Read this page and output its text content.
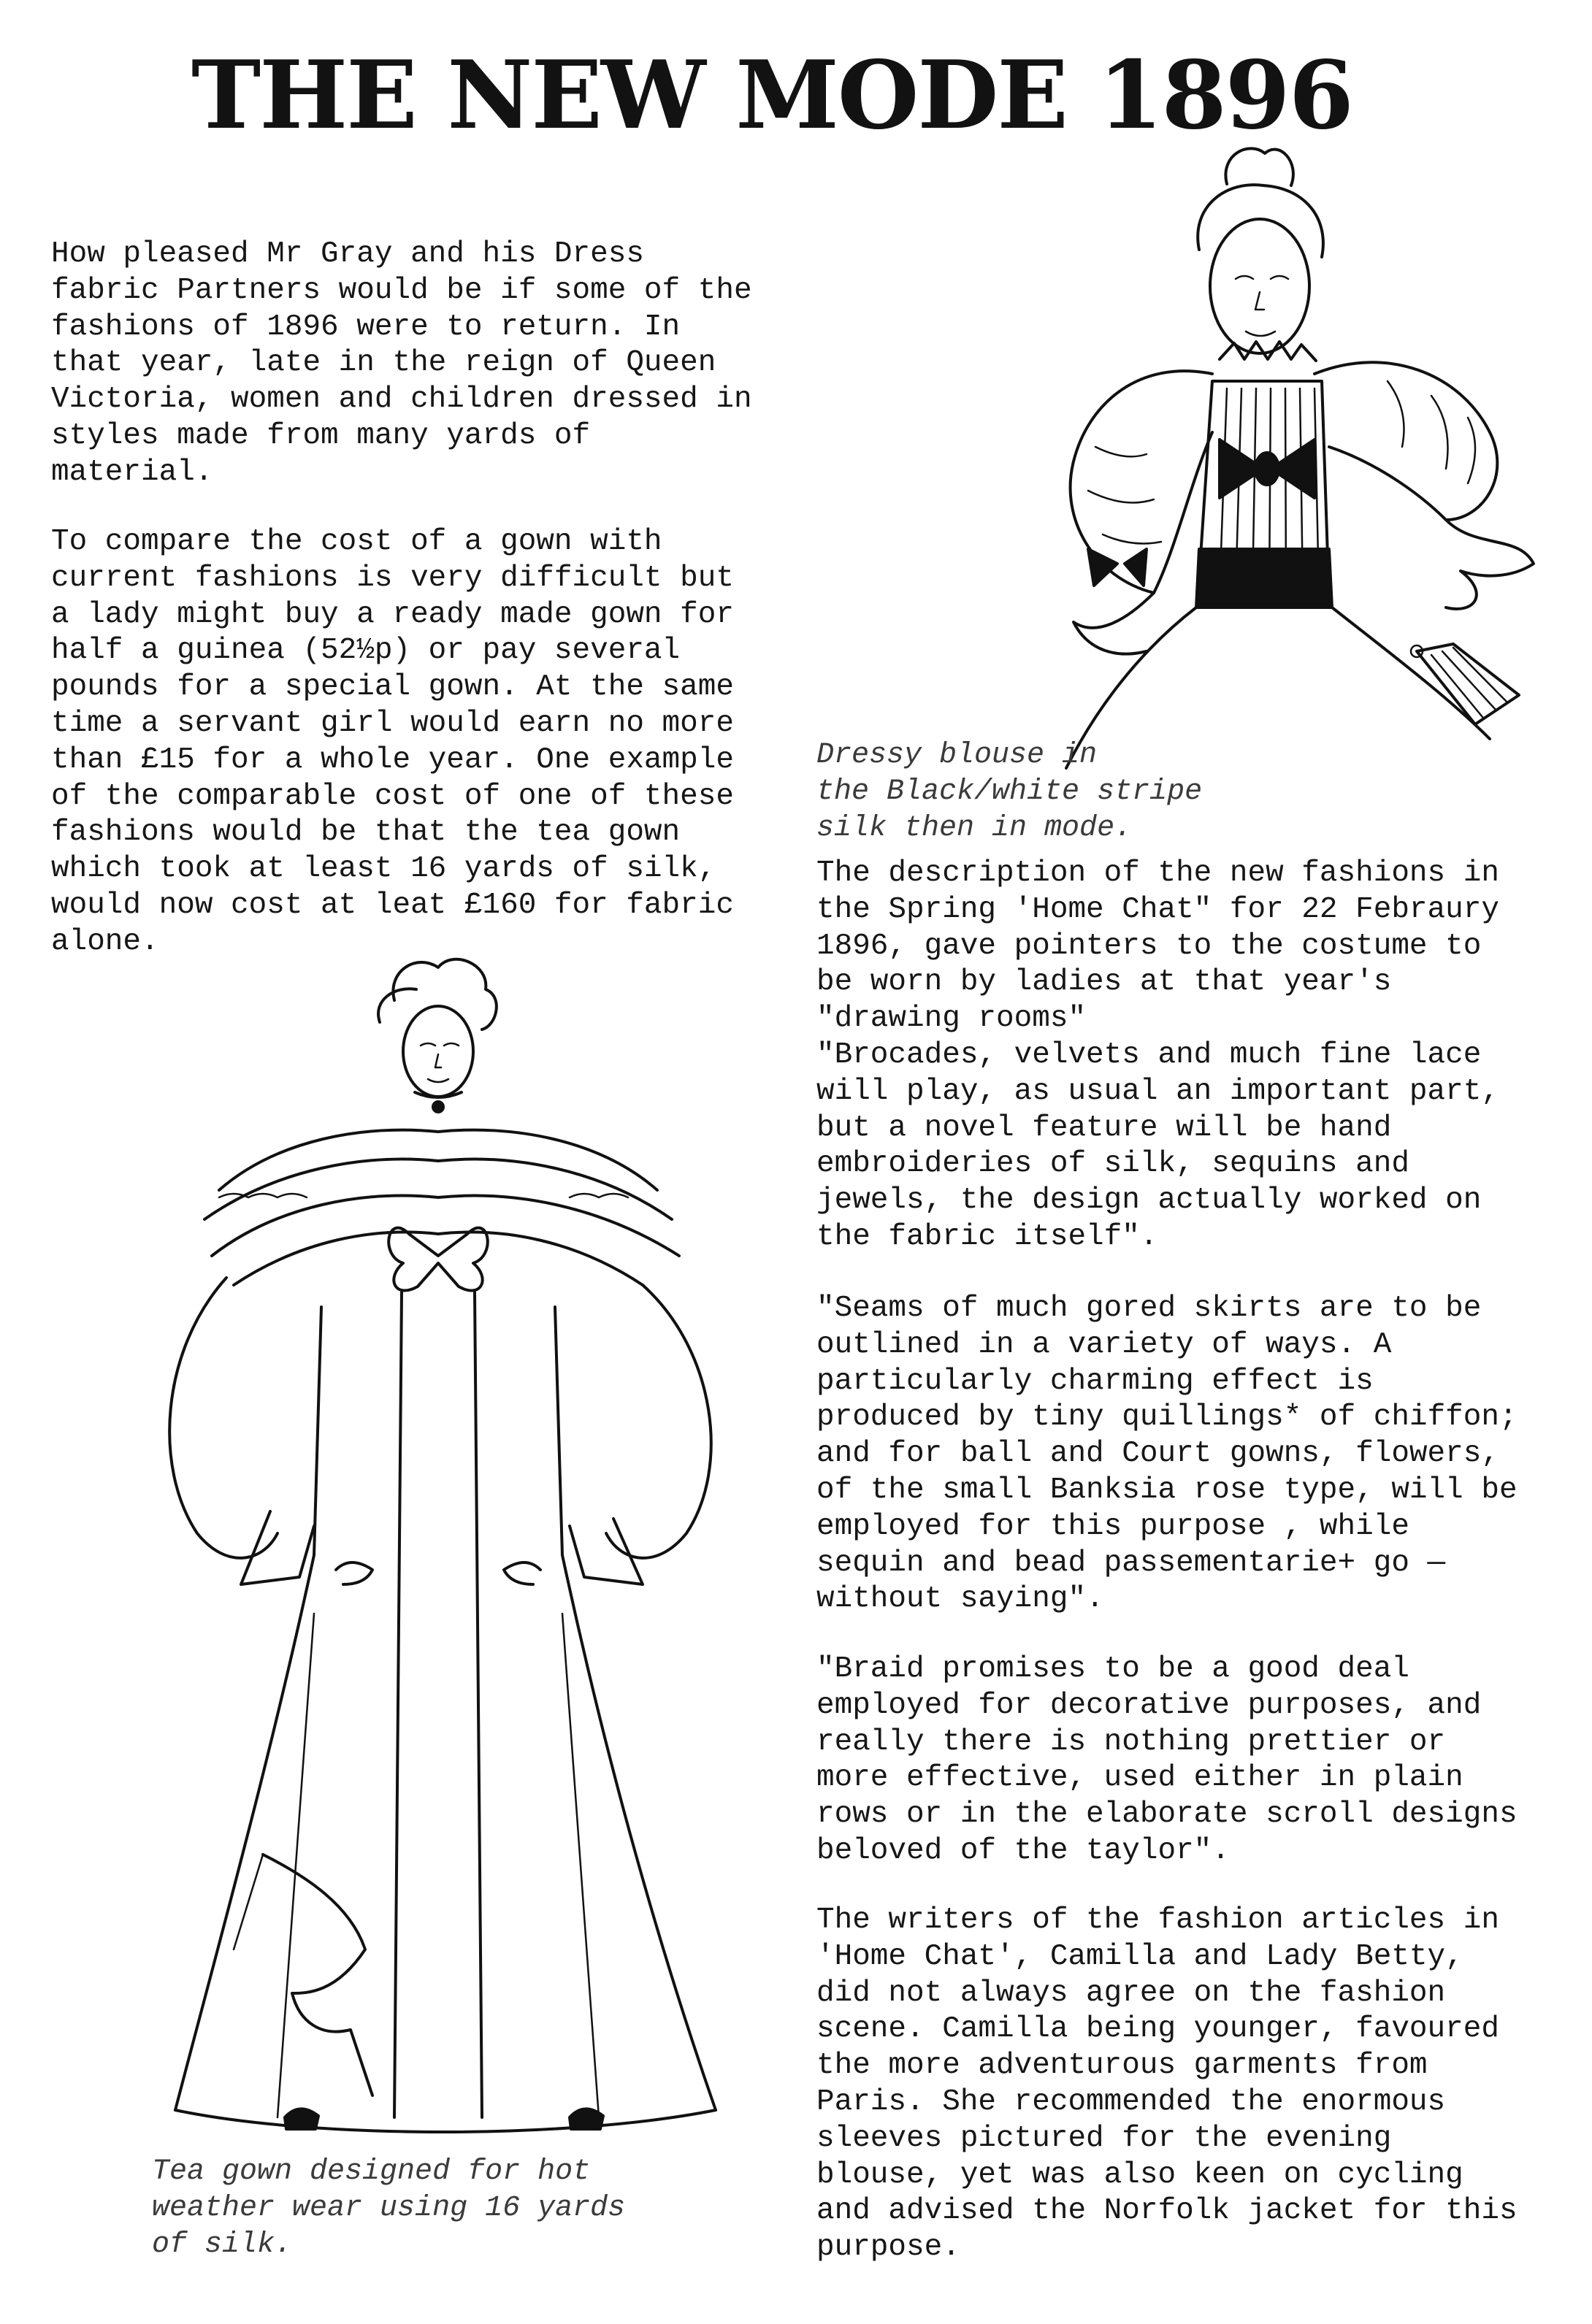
THE NEW MODE 1896

How pleased Mr Gray and his Dress
fabric Partners would be if some of the
fashions of 1896 were to return. In
that year, late in the reign of Queen
Victoria, women and children dressed in
styles made from many yards of
material.

To compare the cost of a gown with
current fashions is very difficult but
a lady might buy a ready made gown for
half a guinea (52½p) or pay several
pounds for a special gown. At the same
time a servant girl would earn no more
than £15 for a whole year. One example
of the comparable cost of one of these
fashions would be that the tea gown
which took at least 16 yards of silk,
would now cost at leat £160 for fabric
alone.

Dressy blouse in
the Black/white stripe
silk then in mode.

The description of the new fashions in
the Spring 'Home Chat" for 22 Febraury
1896, gave pointers to the costume to
be worn by ladies at that year's
"drawing rooms"
"Brocades, velvets and much fine lace
will play, as usual an important part,
but a novel feature will be hand
embroideries of silk, sequins and
jewels, the design actually worked on
the fabric itself".

"Seams of much gored skirts are to be
outlined in a variety of ways. A
particularly charming effect is
produced by tiny quillings* of chiffon;
and for ball and Court gowns, flowers,
of the small Banksia rose type, will be
employed for this purpose , while
sequin and bead passementarie+ go —
without saying".

"Braid promises to be a good deal
employed for decorative purposes, and
really there is nothing prettier or
more effective, used either in plain
rows or in the elaborate scroll designs
beloved of the taylor".

The writers of the fashion articles in
'Home Chat', Camilla and Lady Betty,
did not always agree on the fashion
scene. Camilla being younger, favoured
the more adventurous garments from
Paris. She recommended the enormous
sleeves pictured for the evening
blouse, yet was also keen on cycling
and advised the Norfolk jacket for this
purpose.

Tea gown designed for hot
weather wear using 16 yards
of silk.
